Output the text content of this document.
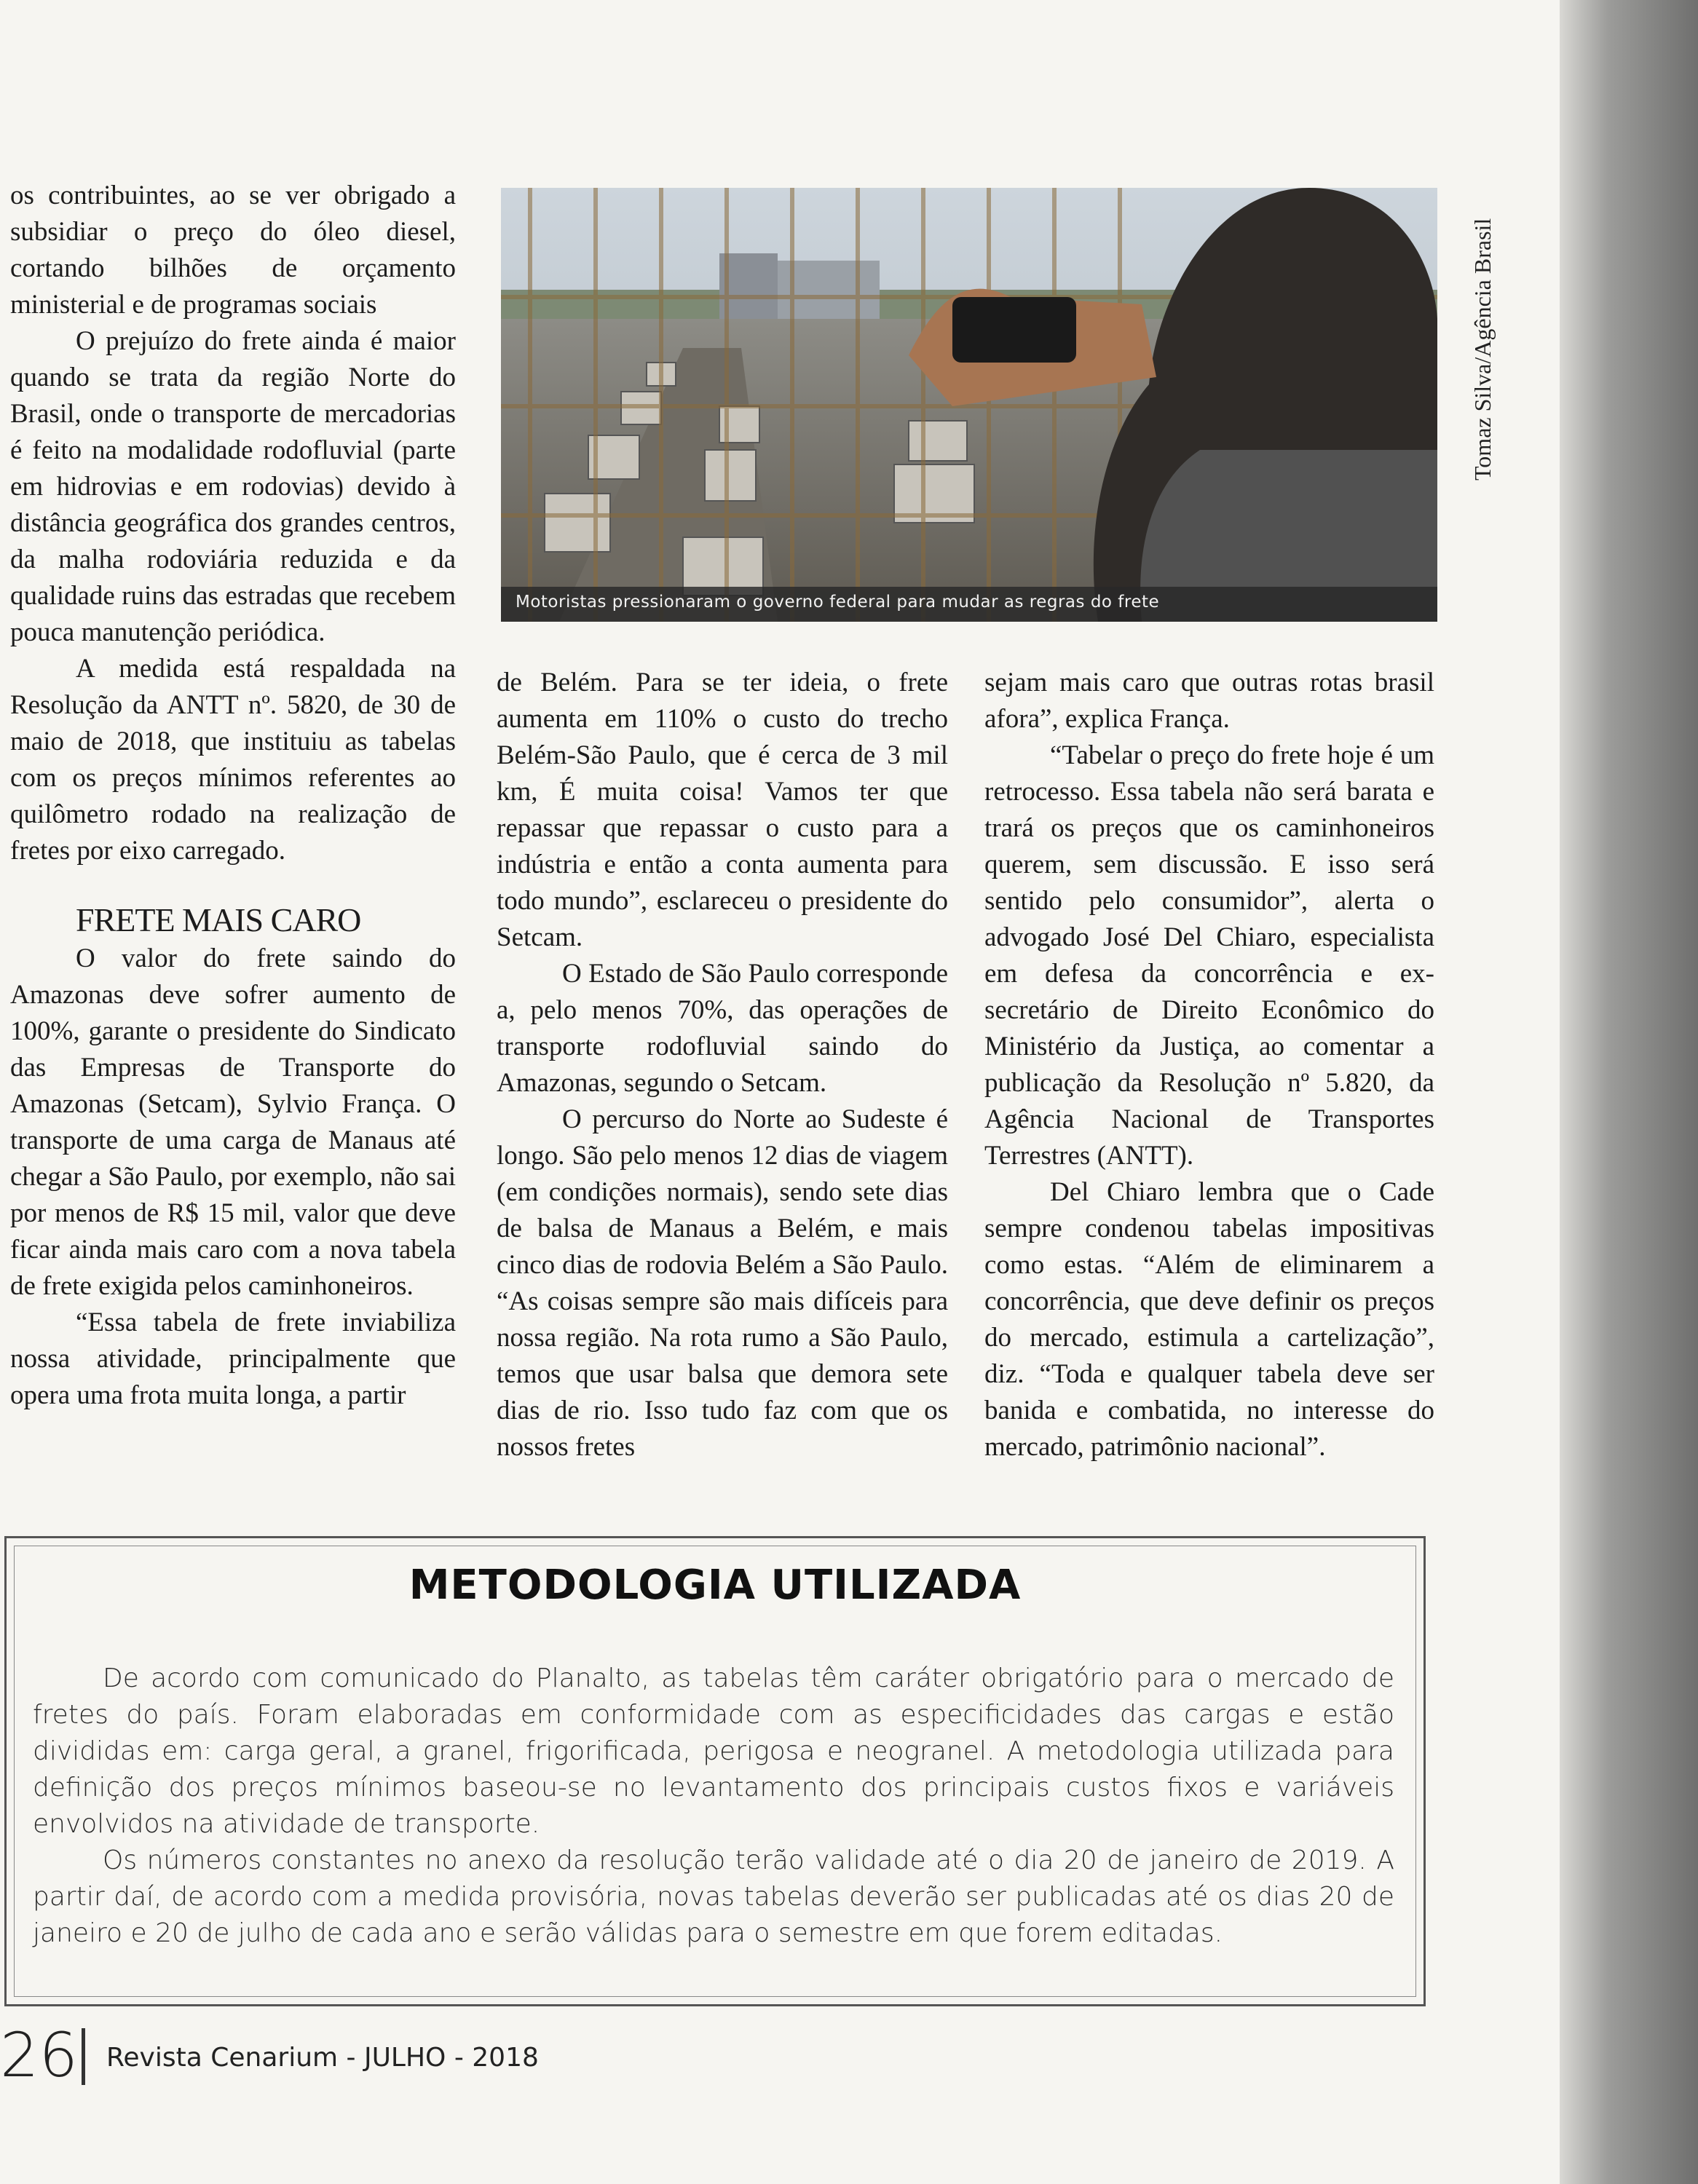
os contribuintes, ao se ver obrigado a subsidiar o preço do óleo diesel, cortando bilhões de orçamento ministerial e de programas sociais

O prejuízo do frete ainda é maior quando se trata da região Norte do Brasil, onde o transporte de mercadorias é feito na modalidade rodofluvial (parte em hidrovias e em rodovias) devido à distância geográfica dos grandes centros, da malha rodoviária reduzida e da qualidade ruins das estradas que recebem pouca manutenção periódica.

A medida está respaldada na Resolução da ANTT nº. 5820, de 30 de maio de 2018, que instituiu as tabelas com os preços mínimos referentes ao quilômetro rodado na realização de fretes por eixo carregado.

FRETE MAIS CARO

O valor do frete saindo do Amazonas deve sofrer aumento de 100%, garante o presidente do Sindicato das Empresas de Transporte do Amazonas (Setcam), Sylvio França. O transporte de uma carga de Manaus até chegar a São Paulo, por exemplo, não sai por menos de R$ 15 mil, valor que deve ficar ainda mais caro com a nova tabela de frete exigida pelos caminhoneiros.

“Essa tabela de frete inviabiliza nossa atividade, principalmente que opera uma frota muita longa, a partir

Motoristas pressionaram o governo federal para mudar as regras do frete
Tomaz Silva/Agência Brasil

de Belém. Para se ter ideia, o frete aumenta em 110% o custo do trecho Belém-São Paulo, que é cerca de 3 mil km, É muita coisa! Vamos ter que repassar que repassar o custo para a indústria e então a conta aumenta para todo mundo”, esclareceu o presidente do Setcam.

O Estado de São Paulo corresponde a, pelo menos 70%, das operações de transporte rodofluvial saindo do Amazonas, segundo o Setcam.

O percurso do Norte ao Sudeste é longo. São pelo menos 12 dias de viagem (em condições normais), sendo sete dias de balsa de Manaus a Belém, e mais cinco dias de rodovia Belém a São Paulo. “As coisas sempre são mais difíceis para nossa região. Na rota rumo a São Paulo, temos que usar balsa que demora sete dias de rio. Isso tudo faz com que os nossos fretes

sejam mais caro que outras rotas brasil afora”, explica França.

“Tabelar o preço do frete hoje é um retrocesso. Essa tabela não será barata e trará os preços que os caminhoneiros querem, sem discussão. E isso será sentido pelo consumidor”, alerta o advogado José Del Chiaro, especialista em defesa da concorrência e ex-secretário de Direito Econômico do Ministério da Justiça, ao comentar a publicação da Resolução nº 5.820, da Agência Nacional de Transportes Terrestres (ANTT).

Del Chiaro lembra que o Cade sempre condenou tabelas impositivas como estas. “Além de eliminarem a concorrência, que deve definir os preços do mercado, estimula a cartelização”, diz. “Toda e qualquer tabela deve ser banida e combatida, no interesse do mercado, patrimônio nacional”.

METODOLOGIA UTILIZADA

De acordo com comunicado do Planalto, as tabelas têm caráter obrigatório para o mercado de fretes do país. Foram elaboradas em conformidade com as especificidades das cargas e estão divididas em: carga geral, a granel, frigorificada, perigosa e neogranel. A metodologia utilizada para definição dos preços mínimos baseou-se no levantamento dos principais custos fixos e variáveis envolvidos na atividade de transporte.

Os números constantes no anexo da resolução terão validade até o dia 20 de janeiro de 2019. A partir daí, de acordo com a medida provisória, novas tabelas deverão ser publicadas até os dias 20 de janeiro e 20 de julho de cada ano e serão válidas para o semestre em que forem editadas.

26 Revista Cenarium - JULHO - 2018
